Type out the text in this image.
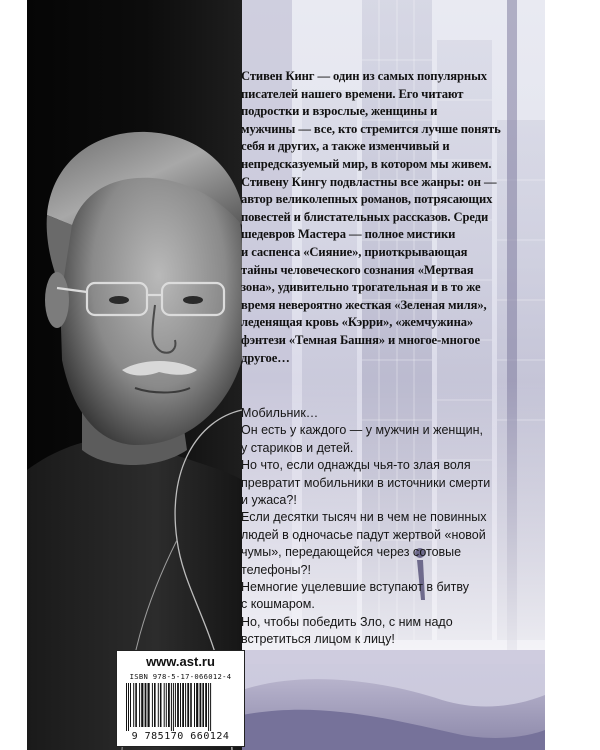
Стивен Кинг — один из самых популярных
писателей нашего времени. Его читают
подростки и взрослые, женщины и
мужчины — все, кто стремится лучше понять
себя и других, а также изменчивый и
непредсказуемый мир, в котором мы живем.
Стивену Кингу подвластны все жанры: он —
автор великолепных романов, потрясающих
повестей и блистательных рассказов. Среди
шедевров Мастера — полное мистики
и саспенса «Сияние», приоткрывающая
тайны человеческого сознания «Мертвая
зона», удивительно трогательная и в то же
время невероятно жесткая «Зеленая миля»,
леденящая кровь «Кэрри», «жемчужина»
фэнтези «Темная Башня» и многое-многое
другое…

Мобильник…
Он есть у каждого — у мужчин и женщин,
у стариков и детей.
Но что, если однажды чья-то злая воля
превратит мобильники в источники смерти
и ужаса?!
Если десятки тысяч ни в чем не повинных
людей в одночасье падут жертвой «новой
чумы», передающейся через сотовые
телефоны?!
Немногие уцелевшие вступают в битву
с кошмаром.
Но, чтобы победить Зло, с ним надо
встретиться лицом к лицу!

www.ast.ru
ISBN 978-5-17-066012-4
9 785170 660124
